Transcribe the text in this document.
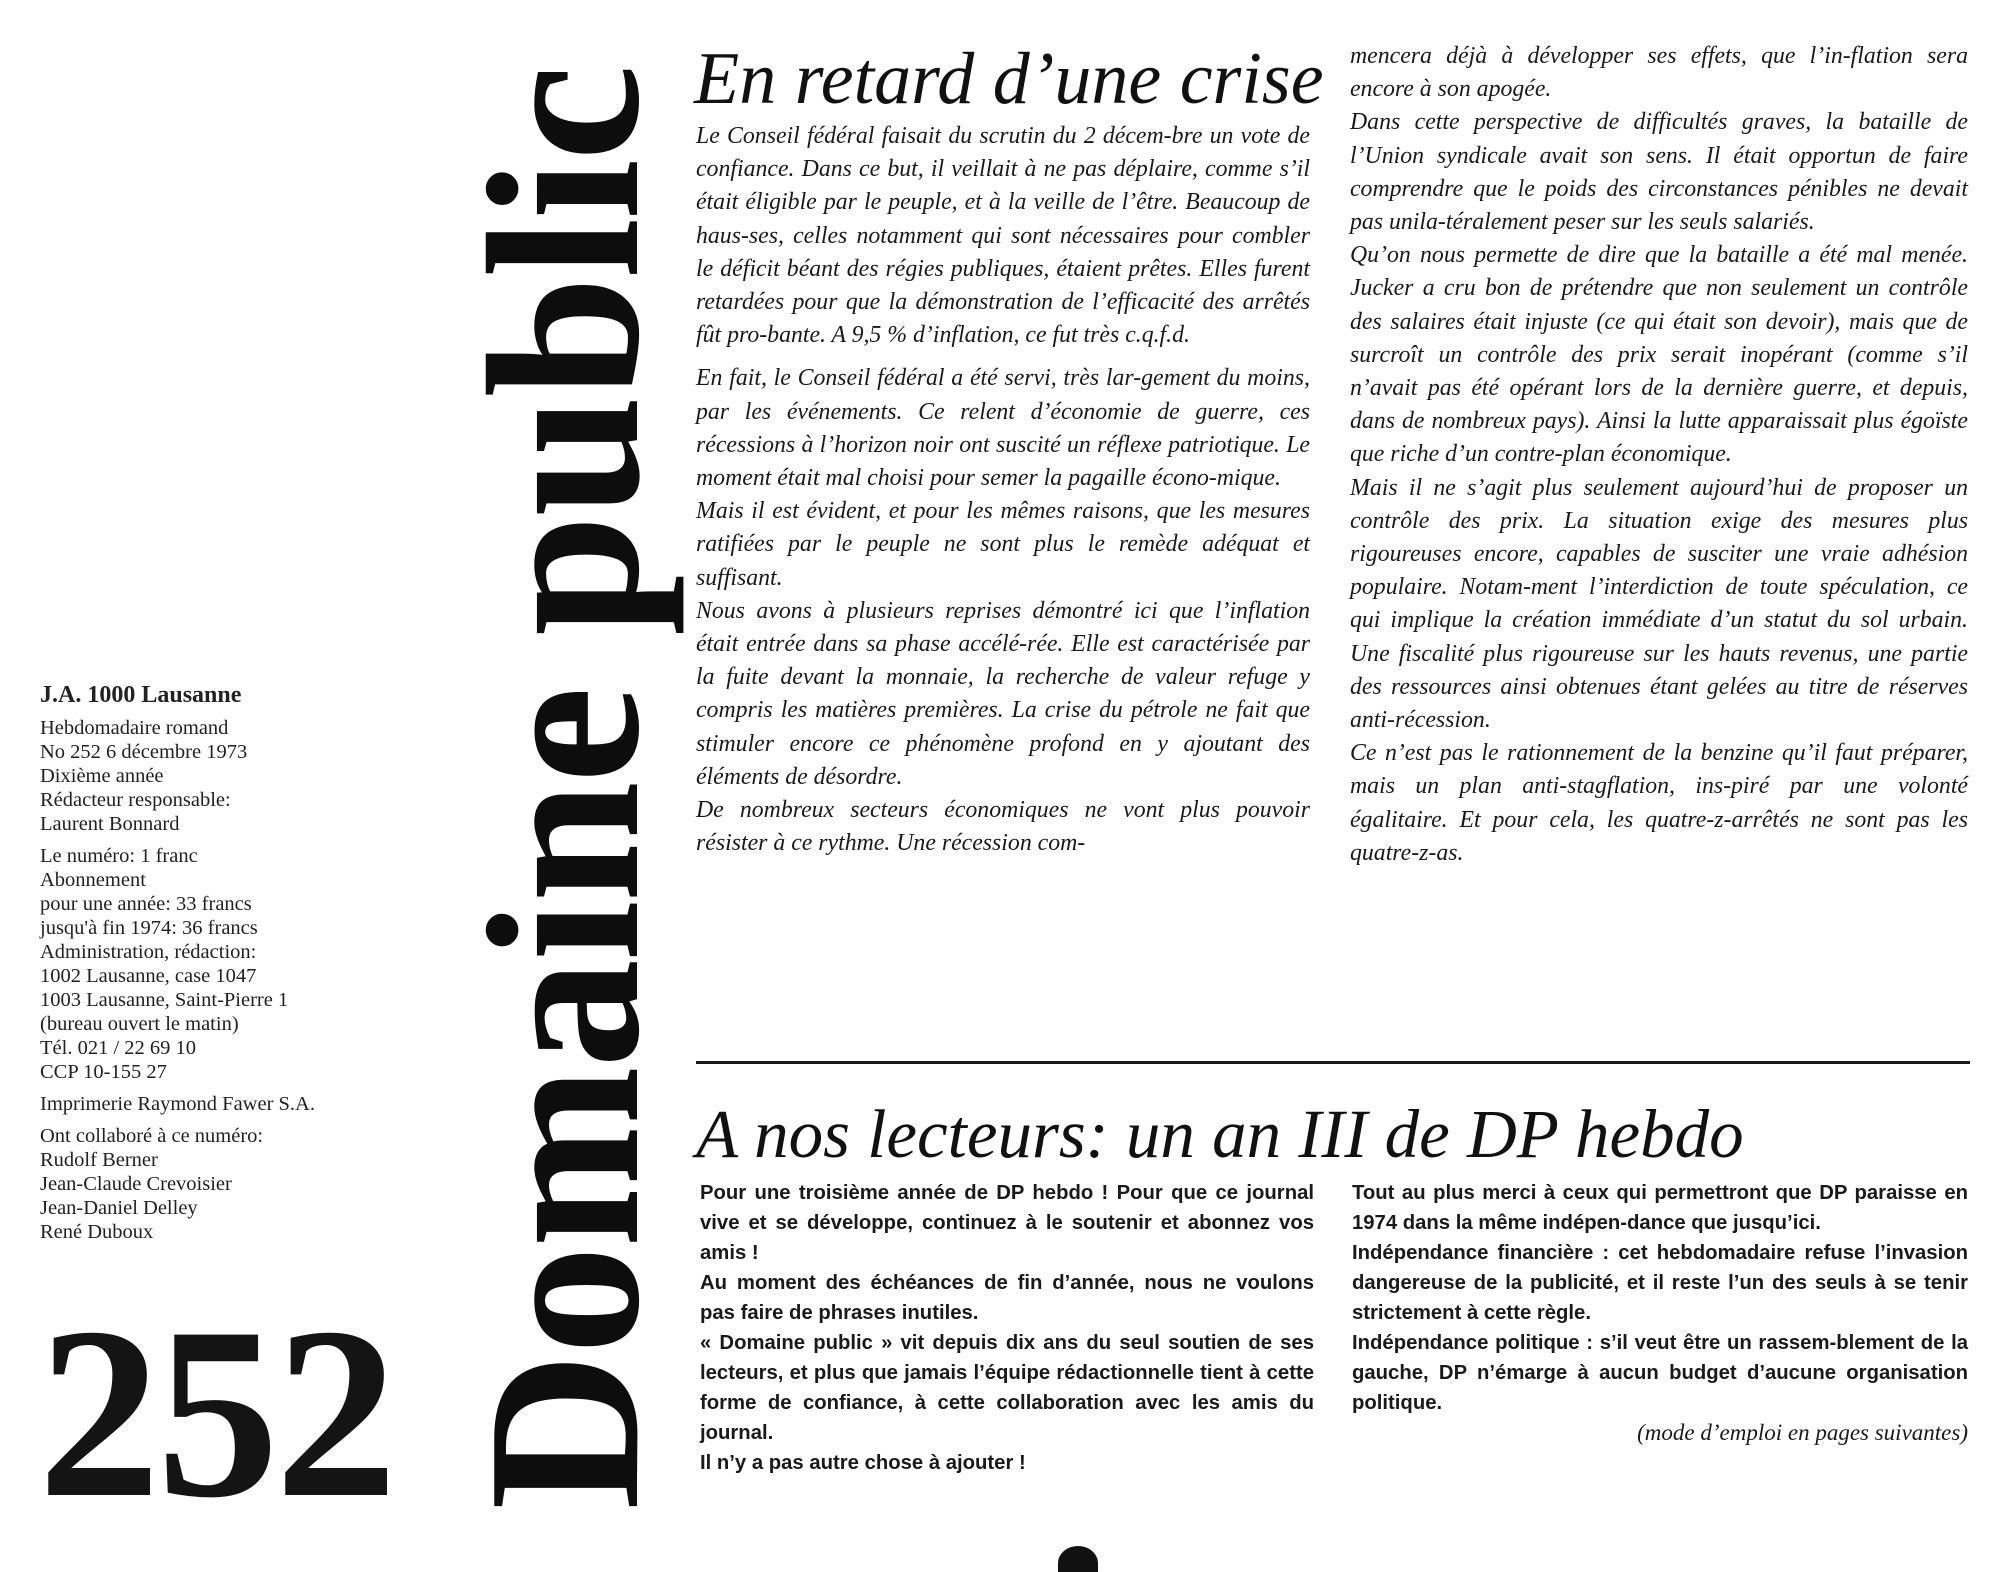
J.A. 1000 Lausanne
Hebdomadaire romand
No 252 6 décembre 1973
Dixième année
Rédacteur responsable:
Laurent Bonnard
Le numéro: 1 franc
Abonnement
pour une année: 33 francs
jusqu'à fin 1974: 36 francs
Administration, rédaction:
1002 Lausanne, case 1047
1003 Lausanne, Saint-Pierre 1
(bureau ouvert le matin)
Tél. 021 / 22 69 10
CCP 10-155 27
Imprimerie Raymond Fawer S.A.
Ont collaboré à ce numéro:
Rudolf Berner
Jean-Claude Crevoisier
Jean-Daniel Delley
René Duboux
252 Domaine public En retard d’une crise

Le Conseil fédéral faisait du scrutin du 2 décem-bre un vote de confiance. Dans ce but, il veillait à ne pas déplaire, comme s’il était éligible par le peuple, et à la veille de l’être. Beaucoup de haus-ses, celles notamment qui sont nécessaires pour combler le déficit béant des régies publiques, étaient prêtes. Elles furent retardées pour que la démonstration de l’efficacité des arrêtés fût pro-bante. A 9,5 % d’inflation, ce fut très c.q.f.d.

En fait, le Conseil fédéral a été servi, très lar-gement du moins, par les événements. Ce relent d’économie de guerre, ces récessions à l’horizon noir ont suscité un réflexe patriotique. Le moment était mal choisi pour semer la pagaille écono-mique.

Mais il est évident, et pour les mêmes raisons, que les mesures ratifiées par le peuple ne sont plus le remède adéquat et suffisant.

Nous avons à plusieurs reprises démontré ici que l’inflation était entrée dans sa phase accélé-rée. Elle est caractérisée par la fuite devant la monnaie, la recherche de valeur refuge y compris les matières premières. La crise du pétrole ne fait que stimuler encore ce phénomène profond en y ajoutant des éléments de désordre.

De nombreux secteurs économiques ne vont plus pouvoir résister à ce rythme. Une récession com-

mencera déjà à développer ses effets, que l’in-flation sera encore à son apogée.

Dans cette perspective de difficultés graves, la bataille de l’Union syndicale avait son sens. Il était opportun de faire comprendre que le poids des circonstances pénibles ne devait pas unila-téralement peser sur les seuls salariés.

Qu’on nous permette de dire que la bataille a été mal menée. Jucker a cru bon de prétendre que non seulement un contrôle des salaires était injuste (ce qui était son devoir), mais que de surcroît un contrôle des prix serait inopérant (comme s’il n’avait pas été opérant lors de la dernière guerre, et depuis, dans de nombreux pays). Ainsi la lutte apparaissait plus égoïste que riche d’un contre-plan économique.

Mais il ne s’agit plus seulement aujourd’hui de proposer un contrôle des prix. La situation exige des mesures plus rigoureuses encore, capables de susciter une vraie adhésion populaire. Notam-ment l’interdiction de toute spéculation, ce qui implique la création immédiate d’un statut du sol urbain. Une fiscalité plus rigoureuse sur les hauts revenus, une partie des ressources ainsi obtenues étant gelées au titre de réserves anti-récession.

Ce n’est pas le rationnement de la benzine qu’il faut préparer, mais un plan anti-stagflation, ins-piré par une volonté égalitaire. Et pour cela, les quatre-z-arrêtés ne sont pas les quatre-z-as.

A nos lecteurs: un an III de DP hebdo

Pour une troisième année de DP hebdo ! Pour que ce journal vive et se développe, continuez à le soutenir et abonnez vos amis !

Au moment des échéances de fin d’année, nous ne voulons pas faire de phrases inutiles.

« Domaine public » vit depuis dix ans du seul soutien de ses lecteurs, et plus que jamais l’équipe rédactionnelle tient à cette forme de confiance, à cette collaboration avec les amis du journal.

Il n’y a pas autre chose à ajouter !

Tout au plus merci à ceux qui permettront que DP paraisse en 1974 dans la même indépen-dance que jusqu’ici.

Indépendance financière : cet hebdomadaire refuse l’invasion dangereuse de la publicité, et il reste l’un des seuls à se tenir strictement à cette règle.

Indépendance politique : s’il veut être un rassem-blement de la gauche, DP n’émarge à aucun budget d’aucune organisation politique.

(mode d’emploi en pages suivantes)
